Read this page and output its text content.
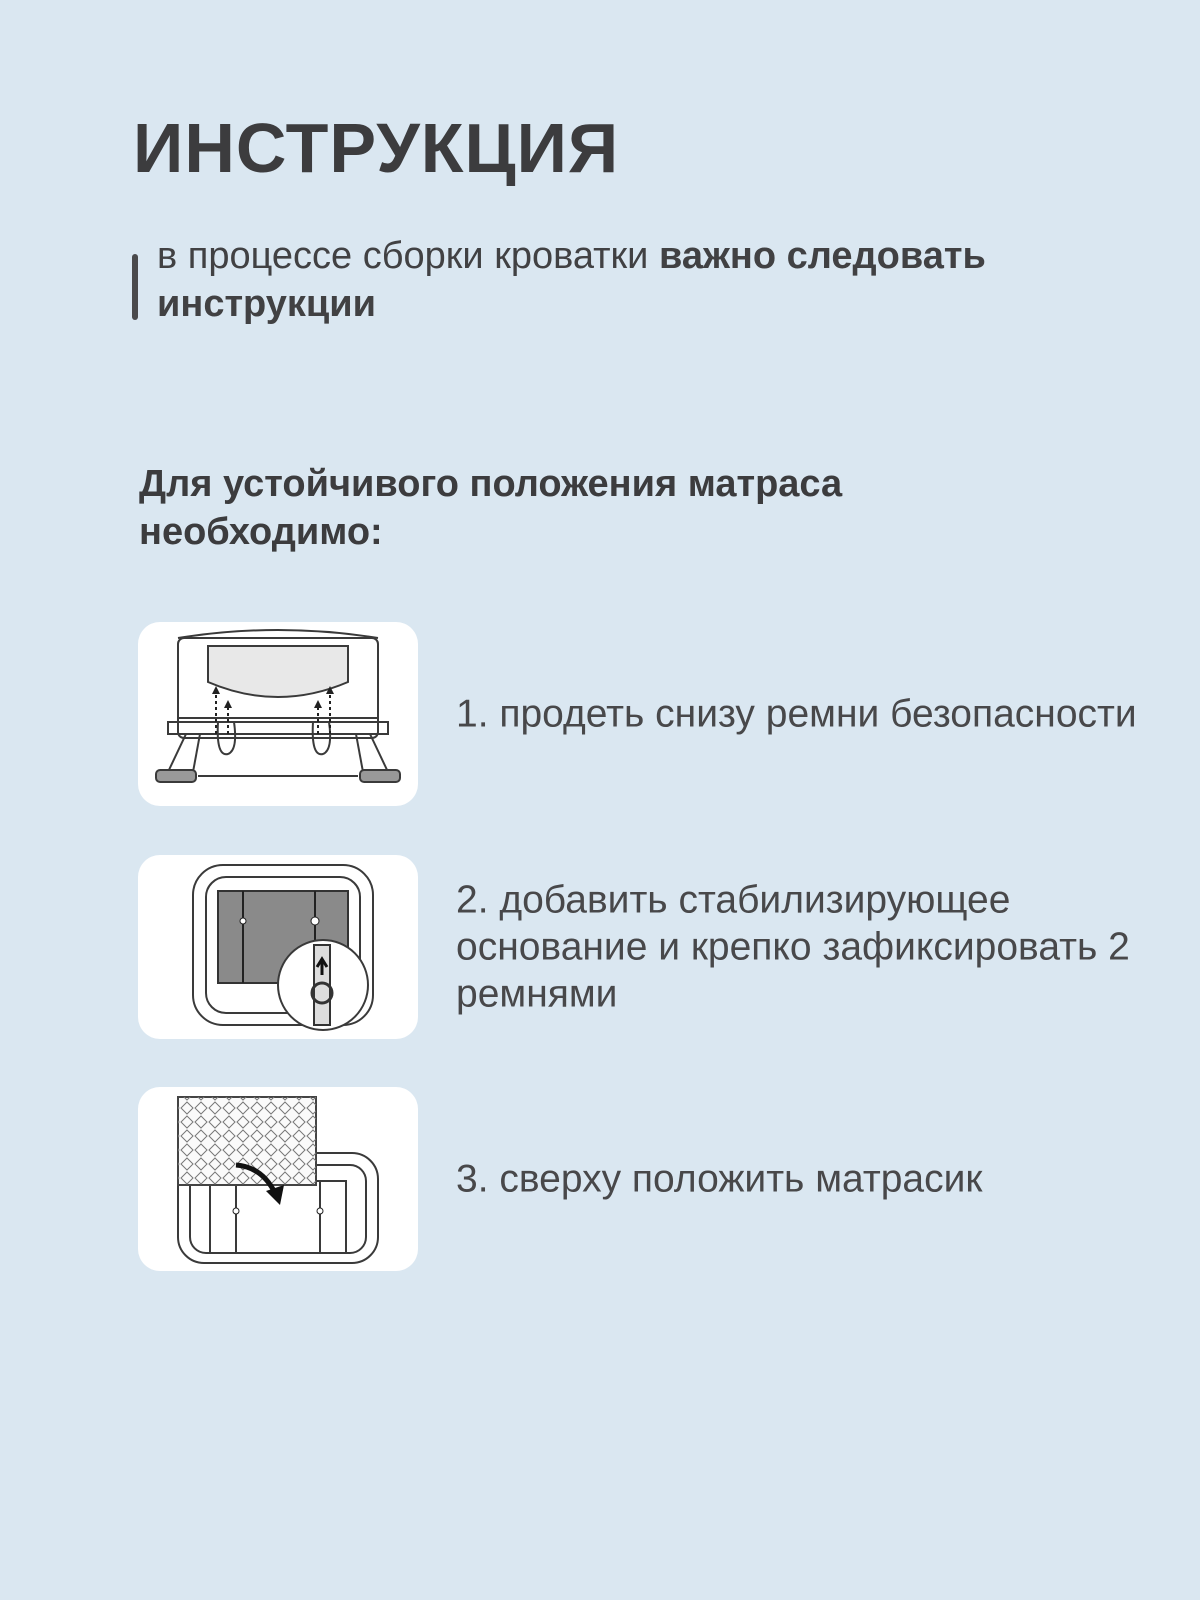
ИНСТРУКЦИЯ

в процессе сборки кроватки важно следовать инструкции

Для устойчивого положения матраса необходимо:

1. продеть снизу ремни безопасности

2. добавить стабилизирующее основание и крепко зафиксировать 2 ремнями

3. сверху положить матрасик
